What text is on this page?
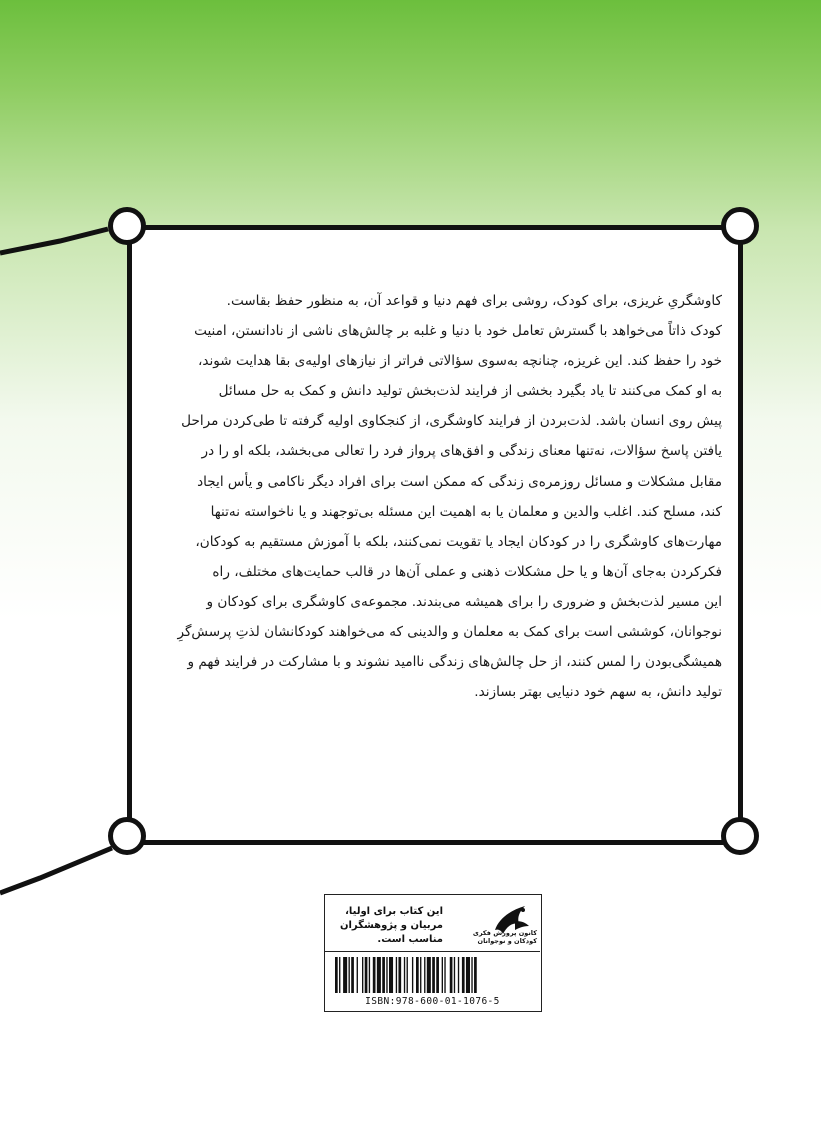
کاوشگریِ غریزی، برای کودک، روشی برای فهم دنیا و قواعد آن، به منظور حفظ بقاست.

کودک ذاتاً می‌خواهد با گسترش تعامل خود با دنیا و غلبه بر چالش‌های ناشی از نادانستن، امنیت

خود را حفظ کند. این غریزه، چنانچه به‌سوی سؤالاتی فراتر از نیازهای اولیه‌ی بقا هدایت شوند،

به او کمک می‌کنند تا یاد بگیرد بخشی از فرایند لذت‌بخش تولید دانش و کمک به حل مسائل

پیش روی انسان باشد. لذت‌بردن از فرایند کاوشگری، از کنجکاوی اولیه گرفته تا طی‌کردن مراحل

یافتن پاسخ سؤالات، نه‌تنها معنای زندگی و افق‌های پرواز فرد را تعالی می‌بخشد، بلکه او را در

مقابل مشکلات و مسائل روزمره‌ی زندگی که ممکن است برای افراد دیگر ناکامی و یأس ایجاد

کند، مسلح کند. اغلب والدین و معلمان یا به اهمیت این مسئله بی‌توجهند و یا ناخواسته نه‌تنها

مهارت‌های کاوشگری را در کودکان ایجاد یا تقویت نمی‌کنند، بلکه با آموزش مستقیم به کودکان،

فکرکردن به‌جای آن‌ها و یا حل مشکلات ذهنی و عملی آن‌ها در قالب حمایت‌های مختلف، راه

این مسیر لذت‌بخش و ضروری را برای همیشه می‌بندند. مجموعه‌ی کاوشگری برای کودکان و

نوجوانان، کوششی است برای کمک به معلمان و والدینی که می‌خواهند کودکانشان لذتِ پرسش‌گرِ

همیشگی‌بودن را لمس کنند، از حل چالش‌های زندگی ناامید نشوند و با مشارکت در فرایند فهم و

تولید دانش، به سهم خود دنیایی بهتر بسازند.

این کتاب برای اولیا، مربیان و پژوهشگران مناسب است.
کانون پرورش فکری
کودکان و نوجوانان
ISBN:978-600-01-1076-5
